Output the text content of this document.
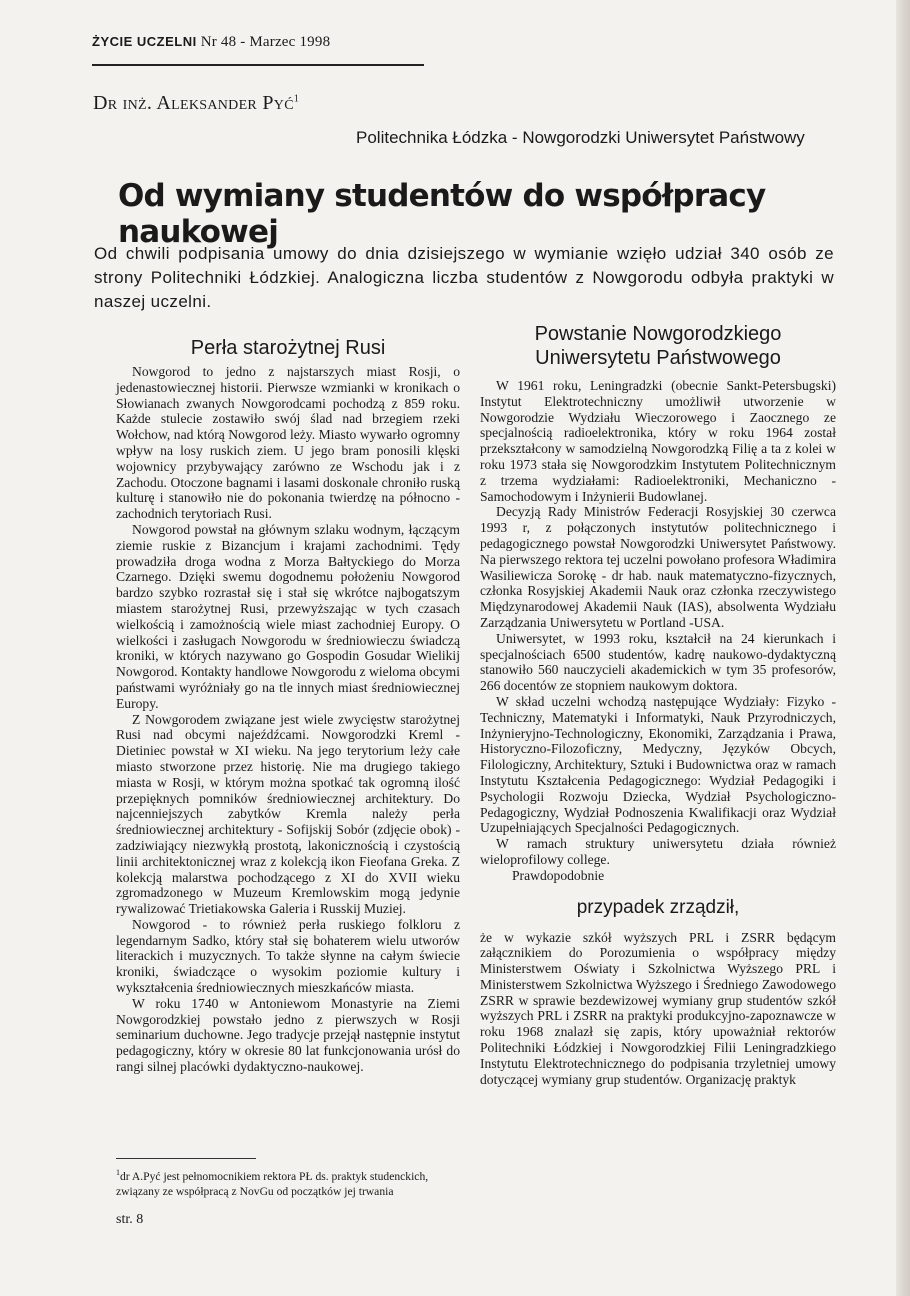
ŻYCIE UCZELNI Nr 48 - Marzec 1998
Dr inż. Aleksander Pyć$^1$
Politechnika Łódzka - Nowgorodzki Uniwersytet Państwowy
Od wymiany studentów do współpracy naukowej
Od chwili podpisania umowy do dnia dzisiejszego w wymianie wzięło udział 340 osób ze strony Politechniki Łódzkiej. Analogiczna liczba studentów z Nowgorodu odbyła praktyki w naszej uczelni.
Perła starożytnej Rusi

Nowgorod to jedno z najstarszych miast Rosji, o jedenastowiecznej historii. Pierwsze wzmianki w kronikach o Słowianach zwanych Nowgorodcami pochodzą z 859 roku. Każde stulecie zostawiło swój ślad nad brzegiem rzeki Wołchow, nad którą Nowgorod leży. Miasto wywarło ogromny wpływ na losy ruskich ziem. U jego bram ponosili klęski wojownicy przybywający zarówno ze Wschodu jak i z Zachodu. Otoczone bagnami i lasami doskonale chroniło ruską kulturę i stanowiło nie do pokonania twierdzę na północno - zachodnich terytoriach Rusi.

Nowgorod powstał na głównym szlaku wodnym, łączącym ziemie ruskie z Bizancjum i krajami zachodnimi. Tędy prowadziła droga wodna z Morza Bałtyckiego do Morza Czarnego. Dzięki swemu dogodnemu położeniu Nowgorod bardzo szybko rozrastał się i stał się wkrótce najbogatszym miastem starożytnej Rusi, przewyższając w tych czasach wielkością i zamożnością wiele miast zachodniej Europy. O wielkości i zasługach Nowgorodu w średniowieczu świadczą kroniki, w których nazywano go Gospodin Gosudar Wielikij Nowgorod. Kontakty handlowe Nowgorodu z wieloma obcymi państwami wyróżniały go na tle innych miast średniowiecznej Europy.

Z Nowgorodem związane jest wiele zwycięstw starożytnej Rusi nad obcymi najeźdźcami. Nowgorodzki Kreml - Dietiniec powstał w XI wieku. Na jego terytorium leży całe miasto stworzone przez historię. Nie ma drugiego takiego miasta w Rosji, w którym można spotkać tak ogromną ilość przepięknych pomników średniowiecznej architektury. Do najcenniejszych zabytków Kremla należy perła średniowiecznej architektury - Sofijskij Sobór (zdjęcie obok) - zadziwiający niezwykłą prostotą, lakonicznością i czystością linii architektonicznej wraz z kolekcją ikon Fieofana Greka. Z kolekcją malarstwa pochodzącego z XI do XVII wieku zgromadzonego w Muzeum Kremlowskim mogą jedynie rywalizować Trietiakowska Galeria i Russkij Muziej.

Nowgorod - to również perła ruskiego folkloru z legendarnym Sadko, który stał się bohaterem wielu utworów literackich i muzycznych. To także słynne na całym świecie kroniki, świadczące o wysokim poziomie kultury i wykształcenia średniowiecznych mieszkańców miasta.

W roku 1740 w Antoniewom Monastyrie na Ziemi Nowgorodzkiej powstało jedno z pierwszych w Rosji seminarium duchowne. Jego tradycje przejął następnie instytut pedagogiczny, który w okresie 80 lat funkcjonowania urósł do rangi silnej placówki dydaktyczno-naukowej.

Powstanie Nowgorodzkiego Uniwersytetu Państwowego

W 1961 roku, Leningradzki (obecnie Sankt-Petersbugski) Instytut Elektrotechniczny umożliwił utworzenie w Nowgorodzie Wydziału Wieczorowego i Zaocznego ze specjalnością radioelektronika, który w roku 1964 został przekształcony w samodzielną Nowgorodzką Filię a ta z kolei w roku 1973 stała się Nowgorodzkim Instytutem Politechnicznym z trzema wydziałami: Radioelektroniki, Mechaniczno - Samochodowym i Inżynierii Budowlanej.

Decyzją Rady Ministrów Federacji Rosyjskiej 30 czerwca 1993 r, z połączonych instytutów politechnicznego i pedagogicznego powstał Nowgorodzki Uniwersytet Państwowy. Na pierwszego rektora tej uczelni powołano profesora Władimira Wasiliewicza Sorokę - dr hab. nauk matematyczno-fizycznych, członka Rosyjskiej Akademii Nauk oraz członka rzeczywistego Międzynarodowej Akademii Nauk (IAS), absolwenta Wydziału Zarządzania Uniwersytetu w Portland -USA.

Uniwersytet, w 1993 roku, kształcił na 24 kierunkach i specjalnościach 6500 studentów, kadrę naukowo-dydaktyczną stanowiło 560 nauczycieli akademickich w tym 35 profesorów, 266 docentów ze stopniem naukowym doktora.

W skład uczelni wchodzą następujące Wydziały: Fizyko - Techniczny, Matematyki i Informatyki, Nauk Przyrodniczych, Inżynieryjno-Technologiczny, Ekonomiki, Zarządzania i Prawa, Historyczno-Filozoficzny, Medyczny, Języków Obcych, Filologiczny, Architektury, Sztuki i Budownictwa oraz w ramach Instytutu Kształcenia Pedagogicznego: Wydział Pedagogiki i Psychologii Rozwoju Dziecka, Wydział Psychologiczno-Pedagogiczny, Wydział Podnoszenia Kwalifikacji oraz Wydział Uzupełniających Specjalności Pedagogicznych.

W ramach struktury uniwersytetu działa również wieloprofilowy college.

Prawdopodobnie

przypadek zrządził,

że w wykazie szkół wyższych PRL i ZSRR będącym załącznikiem do Porozumienia o współpracy między Ministerstwem Oświaty i Szkolnictwa Wyższego PRL i Ministerstwem Szkolnictwa Wyższego i Średniego Zawodowego ZSRR w sprawie bezdewizowej wymiany grup studentów szkół wyższych PRL i ZSRR na praktyki produkcyjno-zapoznawcze w roku 1968 znalazł się zapis, który upoważniał rektorów Politechniki Łódzkiej i Nowgorodzkiej Filii Leningradzkiego Instytutu Elektrotechnicznego do podpisania trzyletniej umowy dotyczącej wymiany grup studentów. Organizację praktyk

$^1$dr A.Pyć jest pełnomocnikiem rektora PŁ ds. praktyk studenckich, związany ze współpracą z NovGu od początków jej trwania
str. 8
